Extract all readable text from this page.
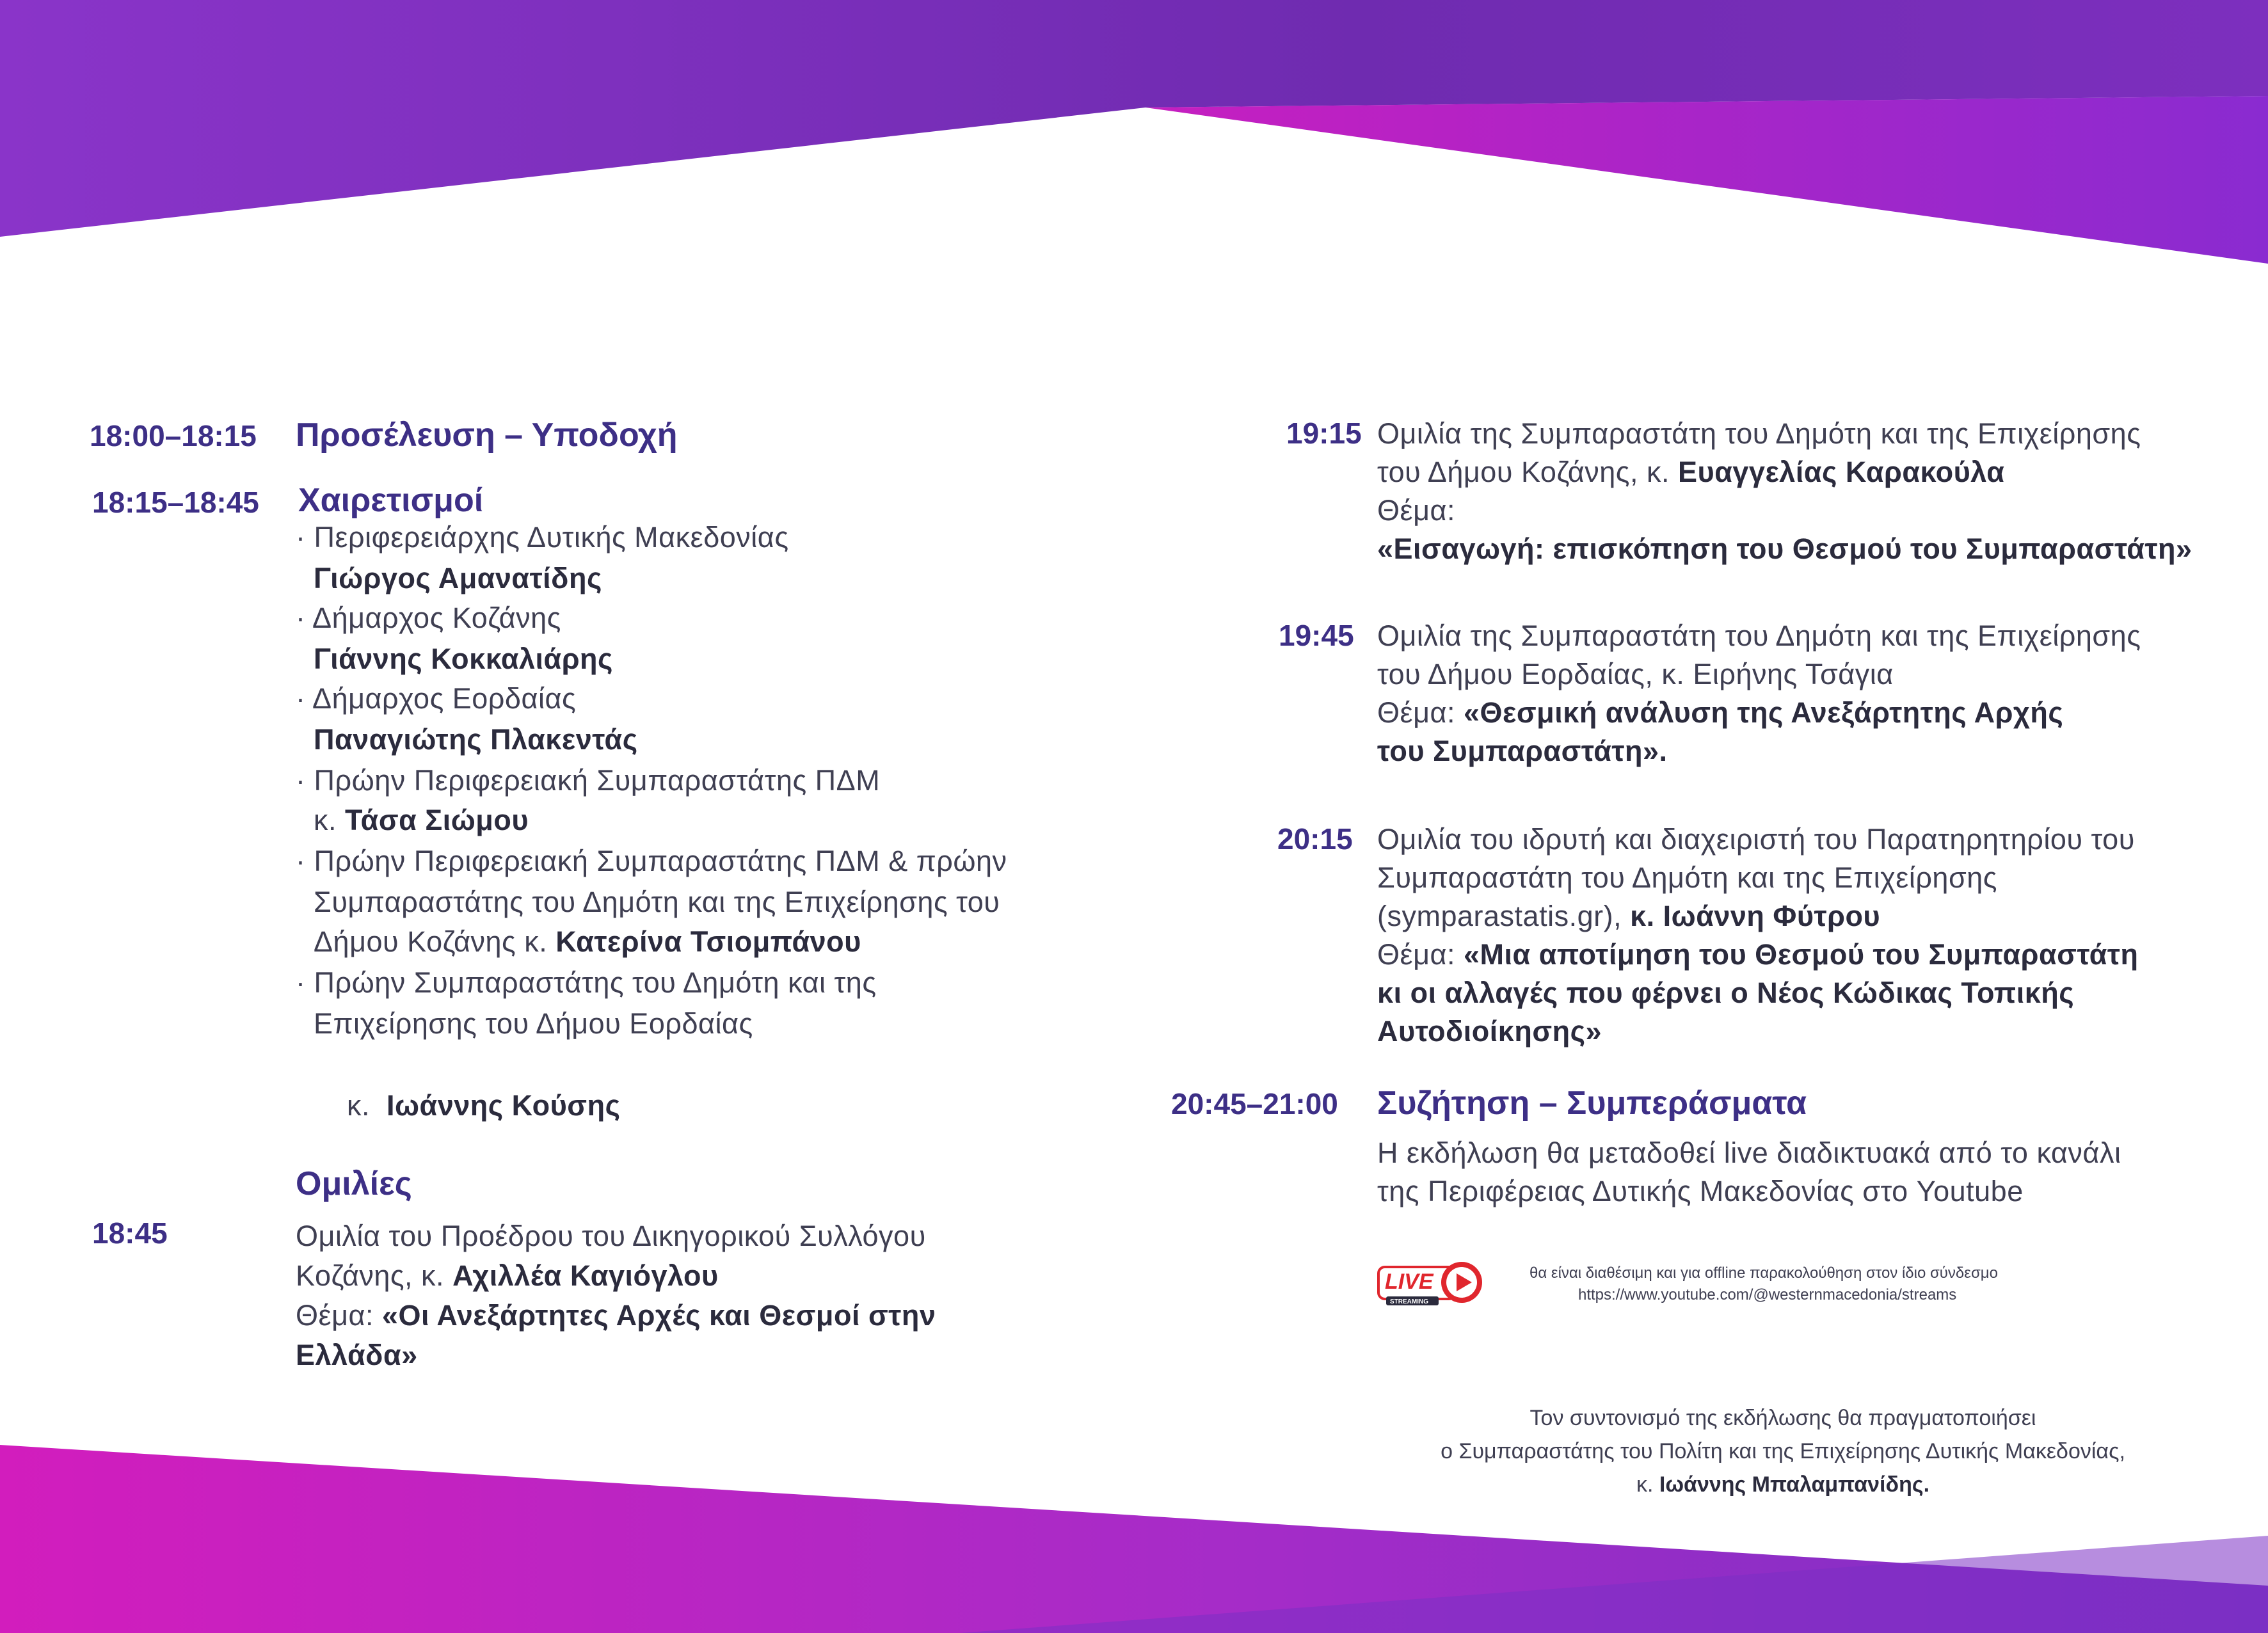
18:00–18:15 Προσέλευση – Υποδοχή
18:15–18:45 Χαιρετισμοί
· Περιφερειάρχης Δυτικής Μακεδονίας
Γιώργος Αμανατίδης
· Δήμαρχος Κοζάνης
Γιάννης Κοκκαλιάρης
· Δήμαρχος Εορδαίας
Παναγιώτης Πλακεντάς
· Πρώην Περιφερειακή Συμπαραστάτης ΠΔΜ
κ. Τάσα Σιώμου
· Πρώην Περιφερειακή Συμπαραστάτης ΠΔΜ & πρώην
Συμπαραστάτης του Δημότη και της Επιχείρησης του
Δήμου Κοζάνης κ. Κατερίνα Τσιομπάνου
· Πρώην Συμπαραστάτης του Δημότη και της
Επιχείρησης του Δήμου Εορδαίας

κ.  Ιωάννης Κούσης

Ομιλίες
18:45	Ομιλία του Προέδρου του Δικηγορικού Συλλόγου
Κοζάνης, κ. Αχιλλέα Καγιόγλου
Θέμα: «Οι Ανεξάρτητες Αρχές και Θεσμοί στην
Ελλάδα»
19:15 Ομιλία της Συμπαραστάτη του Δημότη και της Επιχείρησης
του Δήμου Κοζάνης, κ. Ευαγγελίας Καρακούλα
Θέμα:
«Εισαγωγή: επισκόπηση του Θεσμού του Συμπαραστάτη»
19:45 Ομιλία της Συμπαραστάτη του Δημότη και της Επιχείρησης
του Δήμου Εορδαίας, κ. Ειρήνης Τσάγια
Θέμα: «Θεσμική ανάλυση της Ανεξάρτητης Αρχής
του Συμπαραστάτη».
20:15 Ομιλία του ιδρυτή και διαχειριστή του Παρατηρητηρίου του
Συμπαραστάτη του Δημότη και της Επιχείρησης
(symparastatis.gr), κ. Ιωάννη Φύτρου
Θέμα: «Μια αποτίμηση του Θεσμού του Συμπαραστάτη
κι οι αλλαγές που φέρνει ο Νέος Κώδικας Τοπικής
Αυτοδιοίκησης»
20:45–21:00 Συζήτηση – Συμπεράσματα
Η εκδήλωση θα μεταδοθεί live διαδικτυακά από το κανάλι
της Περιφέρειας Δυτικής Μακεδονίας στο Youtube
LIVE
STREAMING
θα είναι διαθέσιμη και για offline παρακολούθηση στον ίδιο σύνδεσμο
https://www.youtube.com/@westernmacedonia/streams
Τον συντονισμό της εκδήλωσης θα πραγματοποιήσει
ο Συμπαραστάτης του Πολίτη και της Επιχείρησης Δυτικής Μακεδονίας,
κ. Ιωάννης Μπαλαμπανίδης.
